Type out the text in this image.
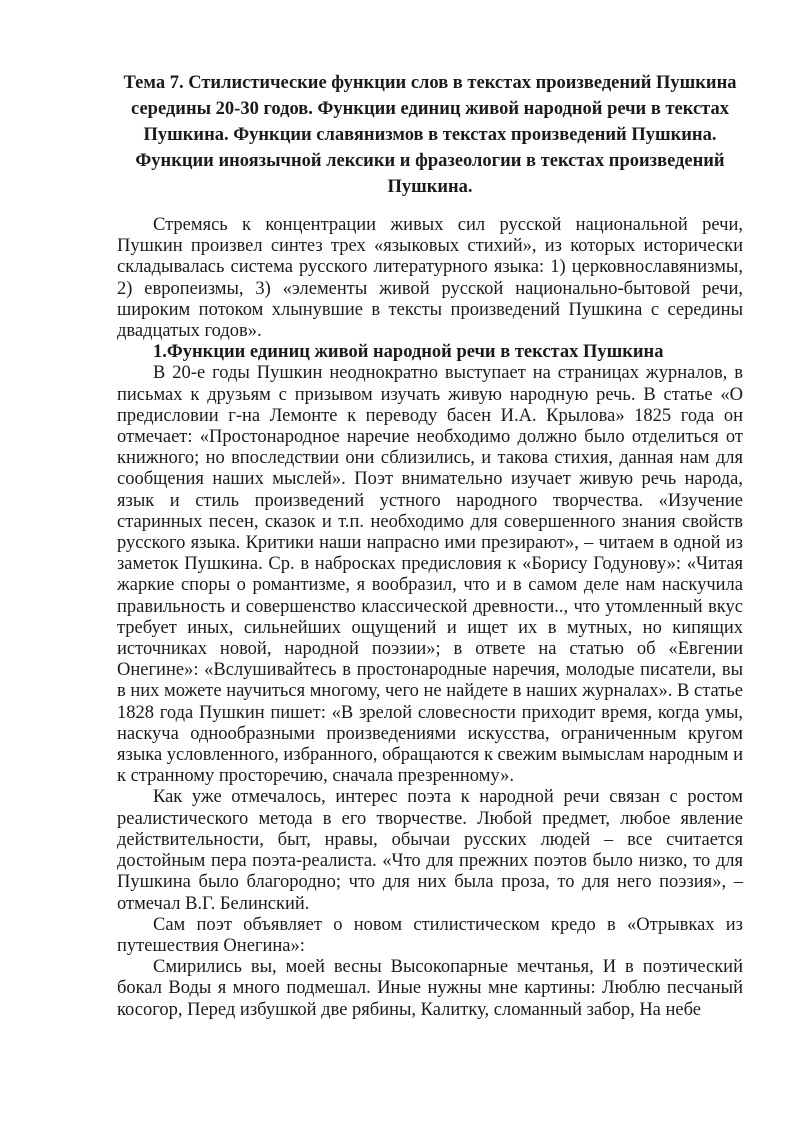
Тема 7. Стилистические функции слов в текстах произведений Пушкина середины 20-30 годов. Функции единиц живой народной речи в текстах Пушкина. Функции славянизмов в текстах произведений Пушкина. Функции иноязычной лексики и фразеологии в текстах произведений Пушкина.

Стремясь к концентрации живых сил русской национальной речи, Пушкин произвел синтез трех «языковых стихий», из которых исторически складывалась система русского литературного языка: 1) церковнославянизмы, 2) европеизмы, 3) «элементы живой русской национально-бытовой речи, широким потоком хлынувшие в тексты произведений Пушкина с середины двадцатых годов».

1.Функции единиц живой народной речи в текстах Пушкина

В 20-е годы Пушкин неоднократно выступает на страницах журналов, в письмах к друзьям с призывом изучать живую народную речь. В статье «О предисловии г-на Лемонте к переводу басен И.А. Крылова» 1825 года он отмечает: «Простонародное наречие необходимо должно было отделиться от книжного; но впоследствии они сблизились, и такова стихия, данная нам для сообщения наших мыслей». Поэт внимательно изучает живую речь народа, язык и стиль произведений устного народного творчества. «Изучение старинных песен, сказок и т.п. необходимо для совершенного знания свойств русского языка. Критики наши напрасно ими презирают», – читаем в одной из заметок Пушкина. Ср. в набросках предисловия к «Борису Годунову»: «Читая жаркие споры о романтизме, я вообразил, что и в самом деле нам наскучила правильность и совершенство классической древности.., что утомленный вкус требует иных, сильнейших ощущений и ищет их в мутных, но кипящих источниках новой, народной поэзии»; в ответе на статью об «Евгении Онегине»: «Вслушивайтесь в простонародные наречия, молодые писатели, вы в них можете научиться многому, чего не найдете в наших журналах». В статье 1828 года Пушкин пишет: «В зрелой словесности приходит время, когда умы, наскуча однообразными произведениями искусства, ограниченным кругом языка условленного, избранного, обращаются к свежим вымыслам народным и к странному просторечию, сначала презренному».

Как уже отмечалось, интерес поэта к народной речи связан с ростом реалистического метода в его творчестве. Любой предмет, любое явление действительности, быт, нравы, обычаи русских людей – все считается достойным пера поэта-реалиста. «Что для прежних поэтов было низко, то для Пушкина было благородно; что для них была проза, то для него поэзия», – отмечал В.Г. Белинский.

Сам поэт объявляет о новом стилистическом кредо в «Отрывках из путешествия Онегина»:

Смирились вы, моей весны Высокопарные мечтанья, И в поэтический бокал Воды я много подмешал. Иные нужны мне картины: Люблю песчаный косогор, Перед избушкой две рябины, Калитку, сломанный забор, На небе
